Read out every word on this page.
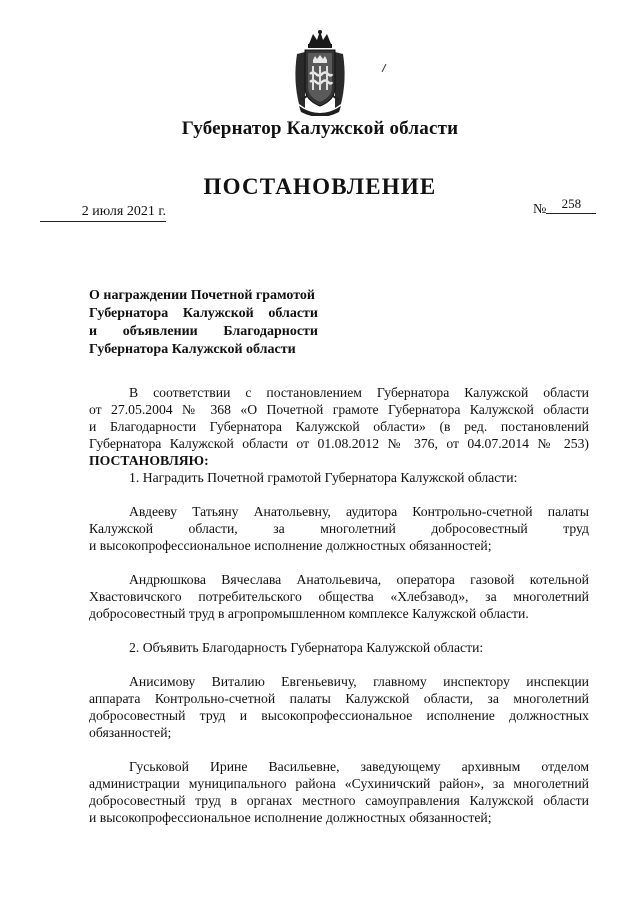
Губернатор Калужской области
ПОСТАНОВЛЕНИЕ
2 июля 2021 г.	№ 258
О награждении Почетной грамотой
Губернатора Калужской области
и объявлении Благодарности
Губернатора Калужской области

В соответствии с постановлением Губернатора Калужской области
от 27.05.2004 № 368 «О Почетной грамоте Губернатора Калужской области
и Благодарности Губернатора Калужской области» (в ред. постановлений
Губернатора Калужской области от 01.08.2012 № 376, от 04.07.2014 № 253)

ПОСТАНОВЛЯЮ:

1. Наградить Почетной грамотой Губернатора Калужской области:

Авдееву Татьяну Анатольевну, аудитора Контрольно-счетной палаты
Калужской области, за многолетний добросовестный труд
и высокопрофессиональное исполнение должностных обязанностей;

Андрюшкова Вячеслава Анатольевича, оператора газовой котельной
Хвастовичского потребительского общества «Хлебзавод», за многолетний
добросовестный труд в агропромышленном комплексе Калужской области.

2. Объявить Благодарность Губернатора Калужской области:

Анисимову Виталию Евгеньевичу, главному инспектору инспекции
аппарата Контрольно-счетной палаты Калужской области, за многолетний
добросовестный труд и высокопрофессиональное исполнение должностных
обязанностей;

Гуськовой Ирине Васильевне, заведующему архивным отделом
администрации муниципального района «Сухиничский район», за многолетний
добросовестный труд в органах местного самоуправления Калужской области
и высокопрофессиональное исполнение должностных обязанностей;
